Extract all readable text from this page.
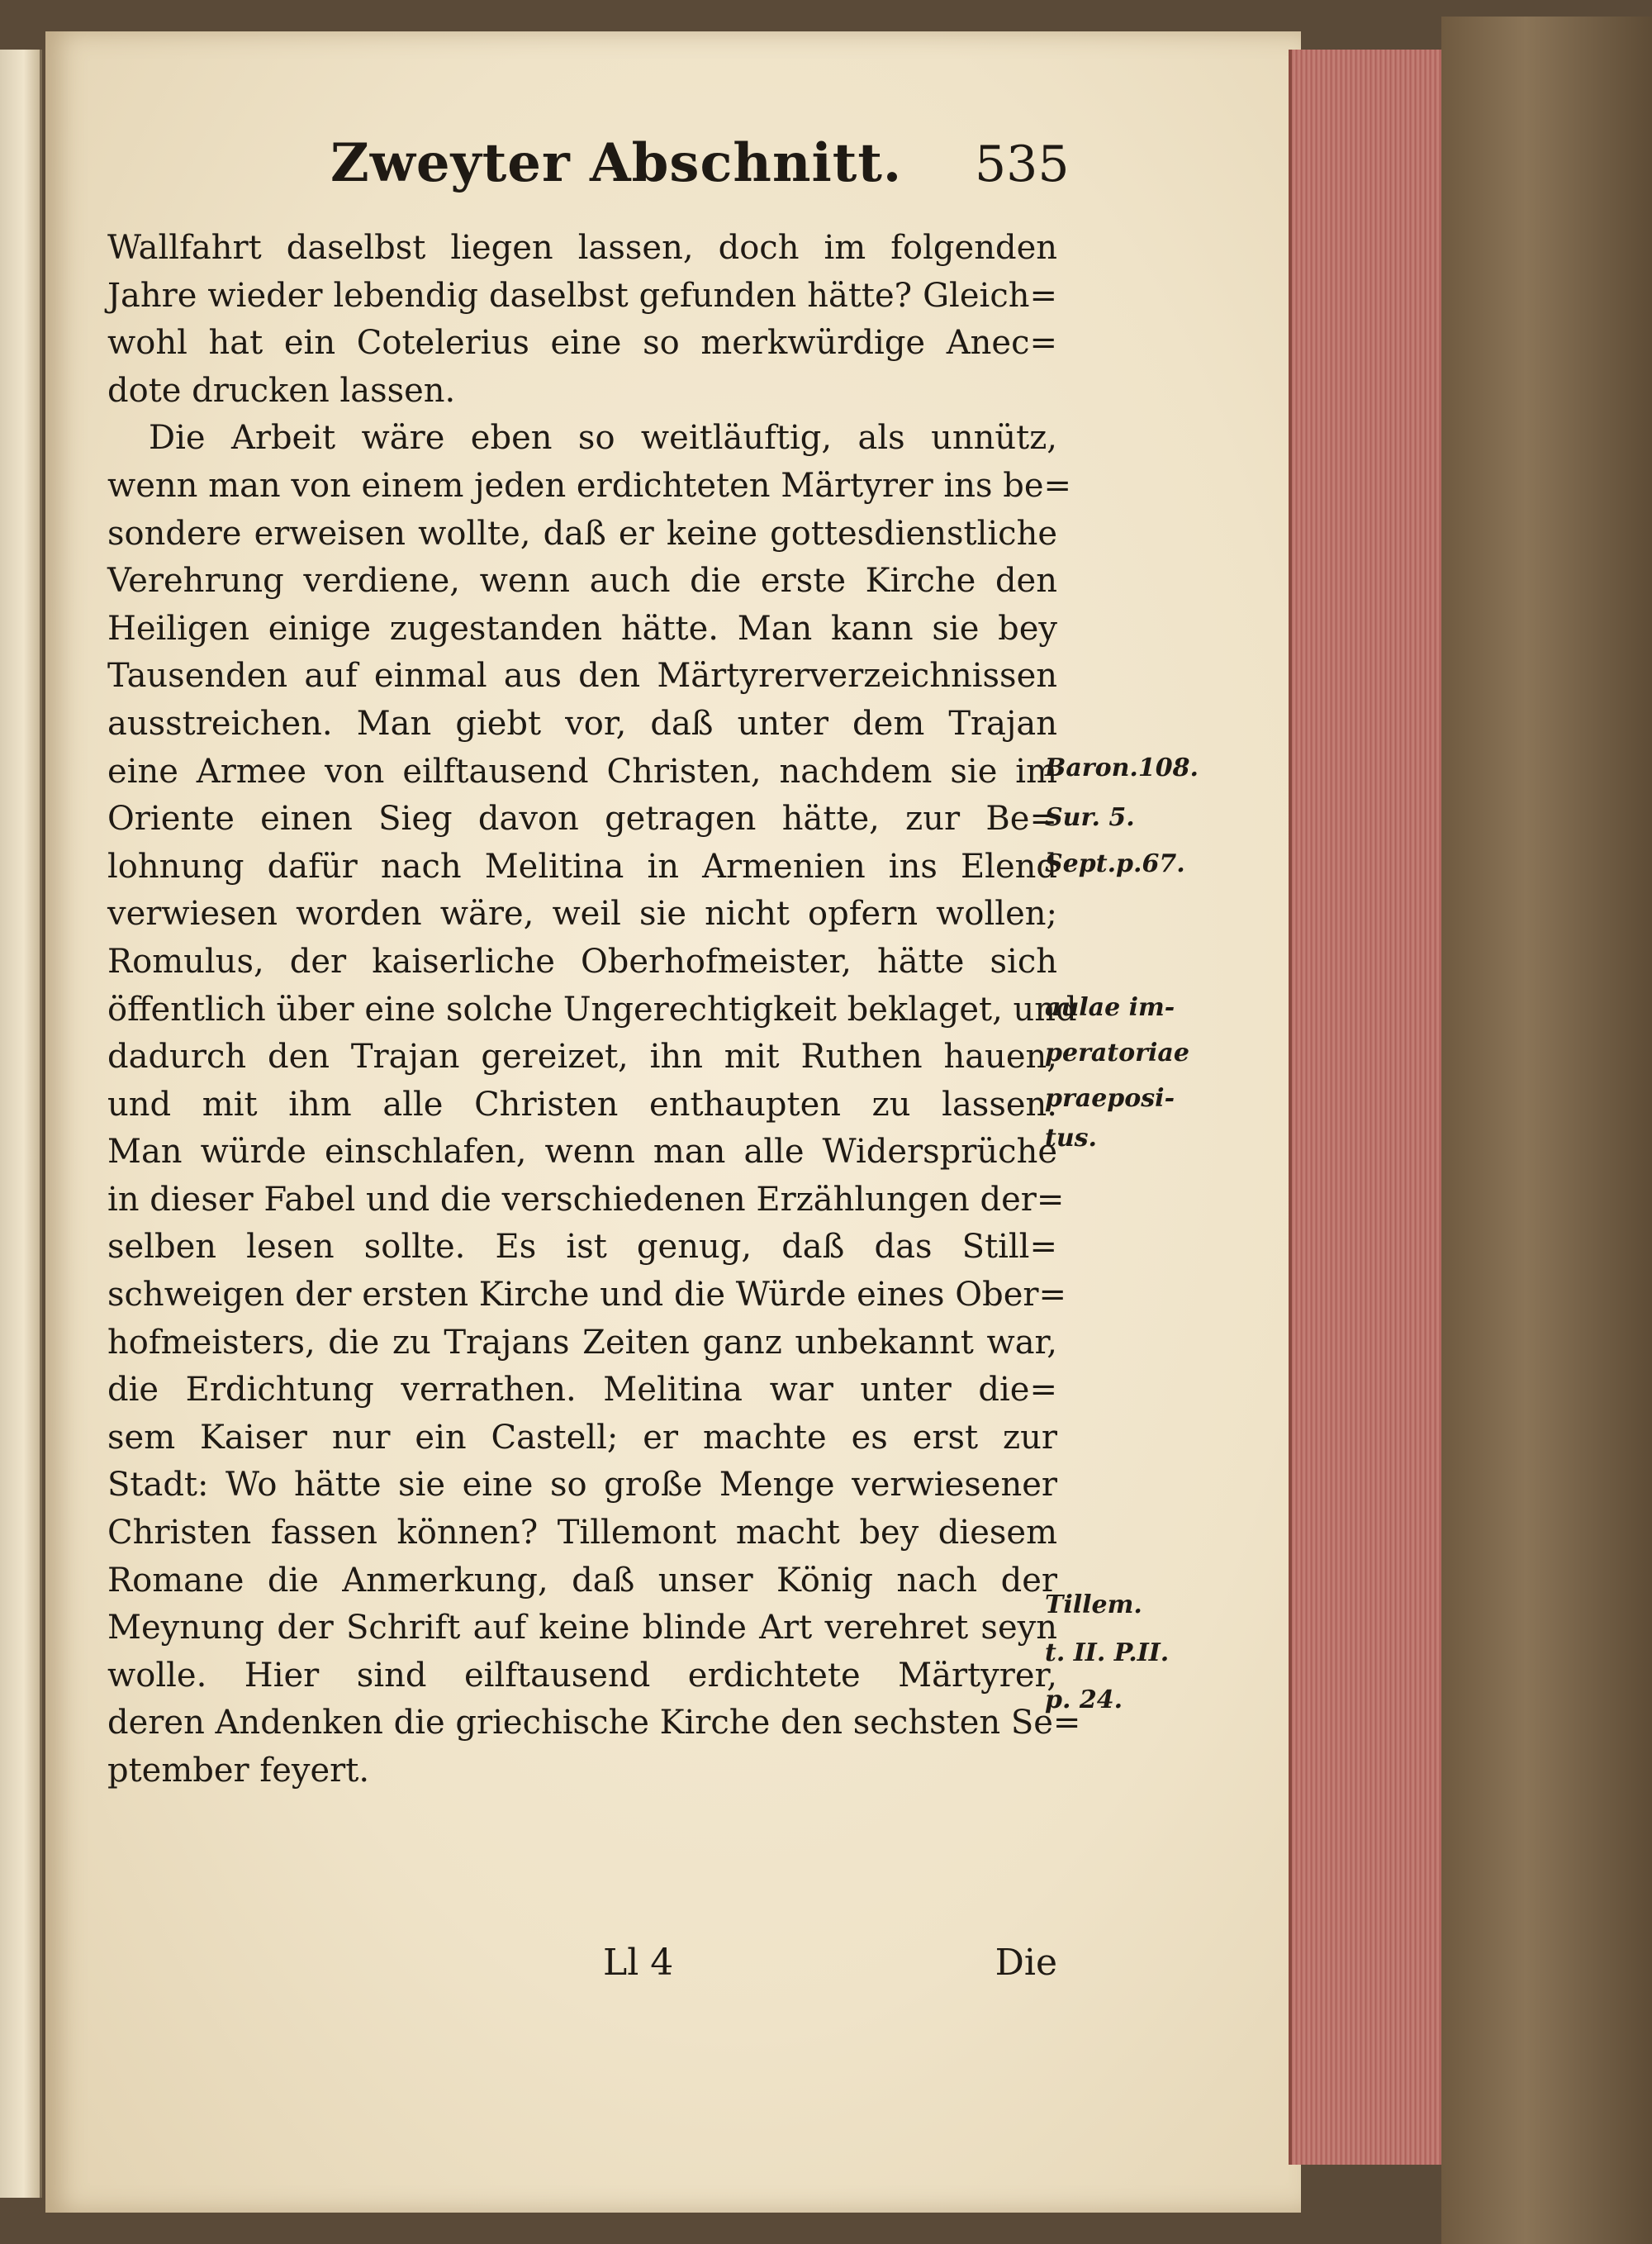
Zweyter Abschnitt. 535
Wallfahrt daselbst liegen lassen, doch im folgenden
Jahre wieder lebendig daselbst gefunden hätte? Gleich=
wohl hat ein Cotelerius eine so merkwürdige Anec=
dote drucken lassen.
Die Arbeit wäre eben so weitläuftig, als unnütz,
wenn man von einem jeden erdichteten Märtyrer ins be=
sondere erweisen wollte, daß er keine gottesdienstliche
Verehrung verdiene, wenn auch die erste Kirche den
Heiligen einige zugestanden hätte. Man kann sie bey
Tausenden auf einmal aus den Märtyrerverzeichnissen
ausstreichen. Man giebt vor, daß unter dem Trajan
eine Armee von eilftausend Christen, nachdem sie im
Oriente einen Sieg davon getragen hätte, zur Be=
lohnung dafür nach Melitina in Armenien ins Elend
verwiesen worden wäre, weil sie nicht opfern wollen;
Romulus, der kaiserliche Oberhofmeister, hätte sich
öffentlich über eine solche Ungerechtigkeit beklaget, und
dadurch den Trajan gereizet, ihn mit Ruthen hauen,
und mit ihm alle Christen enthaupten zu lassen.
Man würde einschlafen, wenn man alle Widersprüche
in dieser Fabel und die verschiedenen Erzählungen der=
selben lesen sollte. Es ist genug, daß das Still=
schweigen der ersten Kirche und die Würde eines Ober=
hofmeisters, die zu Trajans Zeiten ganz unbekannt war,
die Erdichtung verrathen. Melitina war unter die=
sem Kaiser nur ein Castell; er machte es erst zur
Stadt: Wo hätte sie eine so große Menge verwiesener
Christen fassen können? Tillemont macht bey diesem
Romane die Anmerkung, daß unser König nach der
Meynung der Schrift auf keine blinde Art verehret seyn
wolle. Hier sind eilftausend erdichtete Märtyrer,
deren Andenken die griechische Kirche den sechsten Se=
ptember feyert.
Baron.108.
Sur. 5.
Sept.p.67.
aulae im-
peratoriae
praeposi-
tus.
Tillem.
t. II. P.II.
p. 24.
Ll 4	Die
